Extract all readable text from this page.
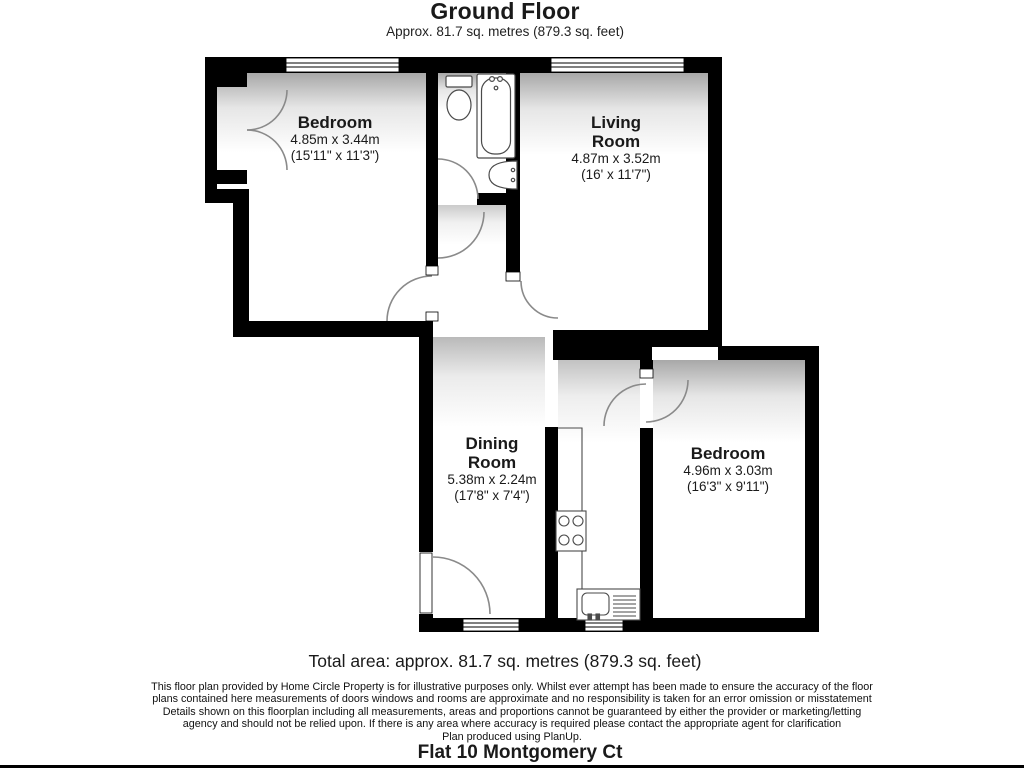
Ground Floor
Approx. 81.7 sq. metres (879.3 sq. feet)
Bedroom
4.85m x 3.44m
(15'11" x 11'3")
Living Room
4.87m x 3.52m
(16' x 11'7")
Dining Room
5.38m x 2.24m
(17'8" x 7'4")
Bedroom
4.96m x 3.03m
(16'3" x 9'11")
Total area: approx. 81.7 sq. metres (879.3 sq. feet)
This floor plan provided by Home Circle Property is for illustrative purposes only. Whilst ever attempt has been made to ensure the accuracy of the floor
plans contained here measurements of doors windows and rooms are approximate and no responsibility is taken for an error omission or misstatement
Details shown on this floorplan including all measurements, areas and proportions cannot be guaranteed by either the provider or marketing/letting
agency and should not be relied upon. If there is any area where accuracy is required please contact the appropriate agent for clarification
Plan produced using PlanUp.
Flat 10 Montgomery Ct
